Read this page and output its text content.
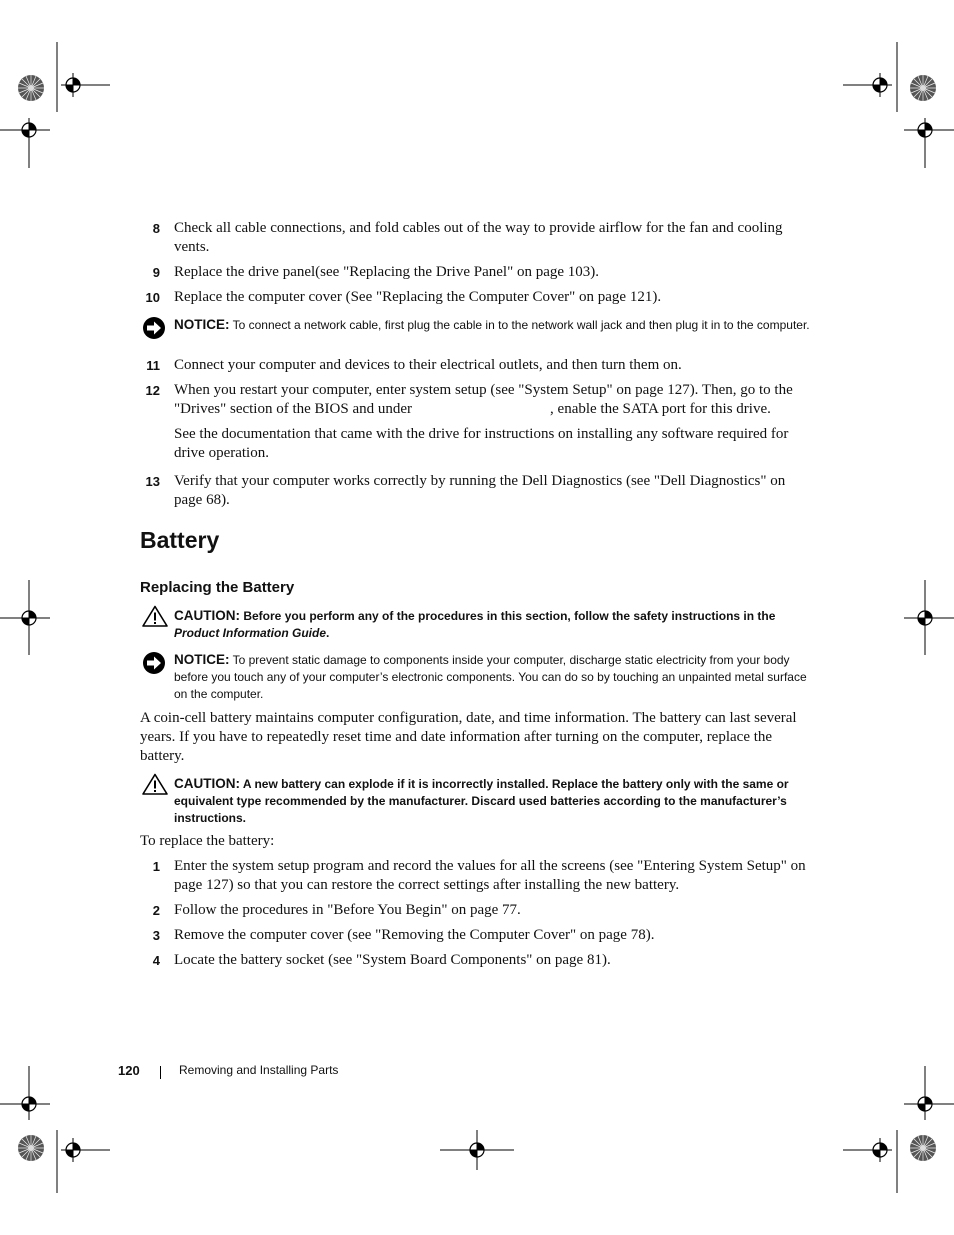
8 Check all cable connections, and fold cables out of the way to provide airflow for the fan and cooling vents.
9 Replace the drive panel(see "Replacing the Drive Panel" on page 103).
10 Replace the computer cover (See "Replacing the Computer Cover" on page 121).
NOTICE: To connect a network cable, first plug the cable in to the network wall jack and then plug it in to the computer.
11 Connect your computer and devices to their electrical outlets, and then turn them on.
12 When you restart your computer, enter system setup (see "System Setup" on page 127). Then, go to the "Drives" section of the BIOS and under	, enable the SATA port for this drive.
See the documentation that came with the drive for instructions on installing any software required for drive operation.
13 Verify that your computer works correctly by running the Dell Diagnostics (see "Dell Diagnostics" on page 68).
Battery
Replacing the Battery
CAUTION: Before you perform any of the procedures in this section, follow the safety instructions in the Product Information Guide.
NOTICE: To prevent static damage to components inside your computer, discharge static electricity from your body before you touch any of your computer’s electronic components. You can do so by touching an unpainted metal surface on the computer.
A coin-cell battery maintains computer configuration, date, and time information. The battery can last several years. If you have to repeatedly reset time and date information after turning on the computer, replace the battery.
CAUTION: A new battery can explode if it is incorrectly installed. Replace the battery only with the same or equivalent type recommended by the manufacturer. Discard used batteries according to the manufacturer’s instructions.
To replace the battery:
1 Enter the system setup program and record the values for all the screens (see "Entering System Setup" on page 127) so that you can restore the correct settings after installing the new battery.
2 Follow the procedures in "Before You Begin" on page 77.
3 Remove the computer cover (see "Removing the Computer Cover" on page 78).
4 Locate the battery socket (see "System Board Components" on page 81).
120	Removing and Installing Parts
